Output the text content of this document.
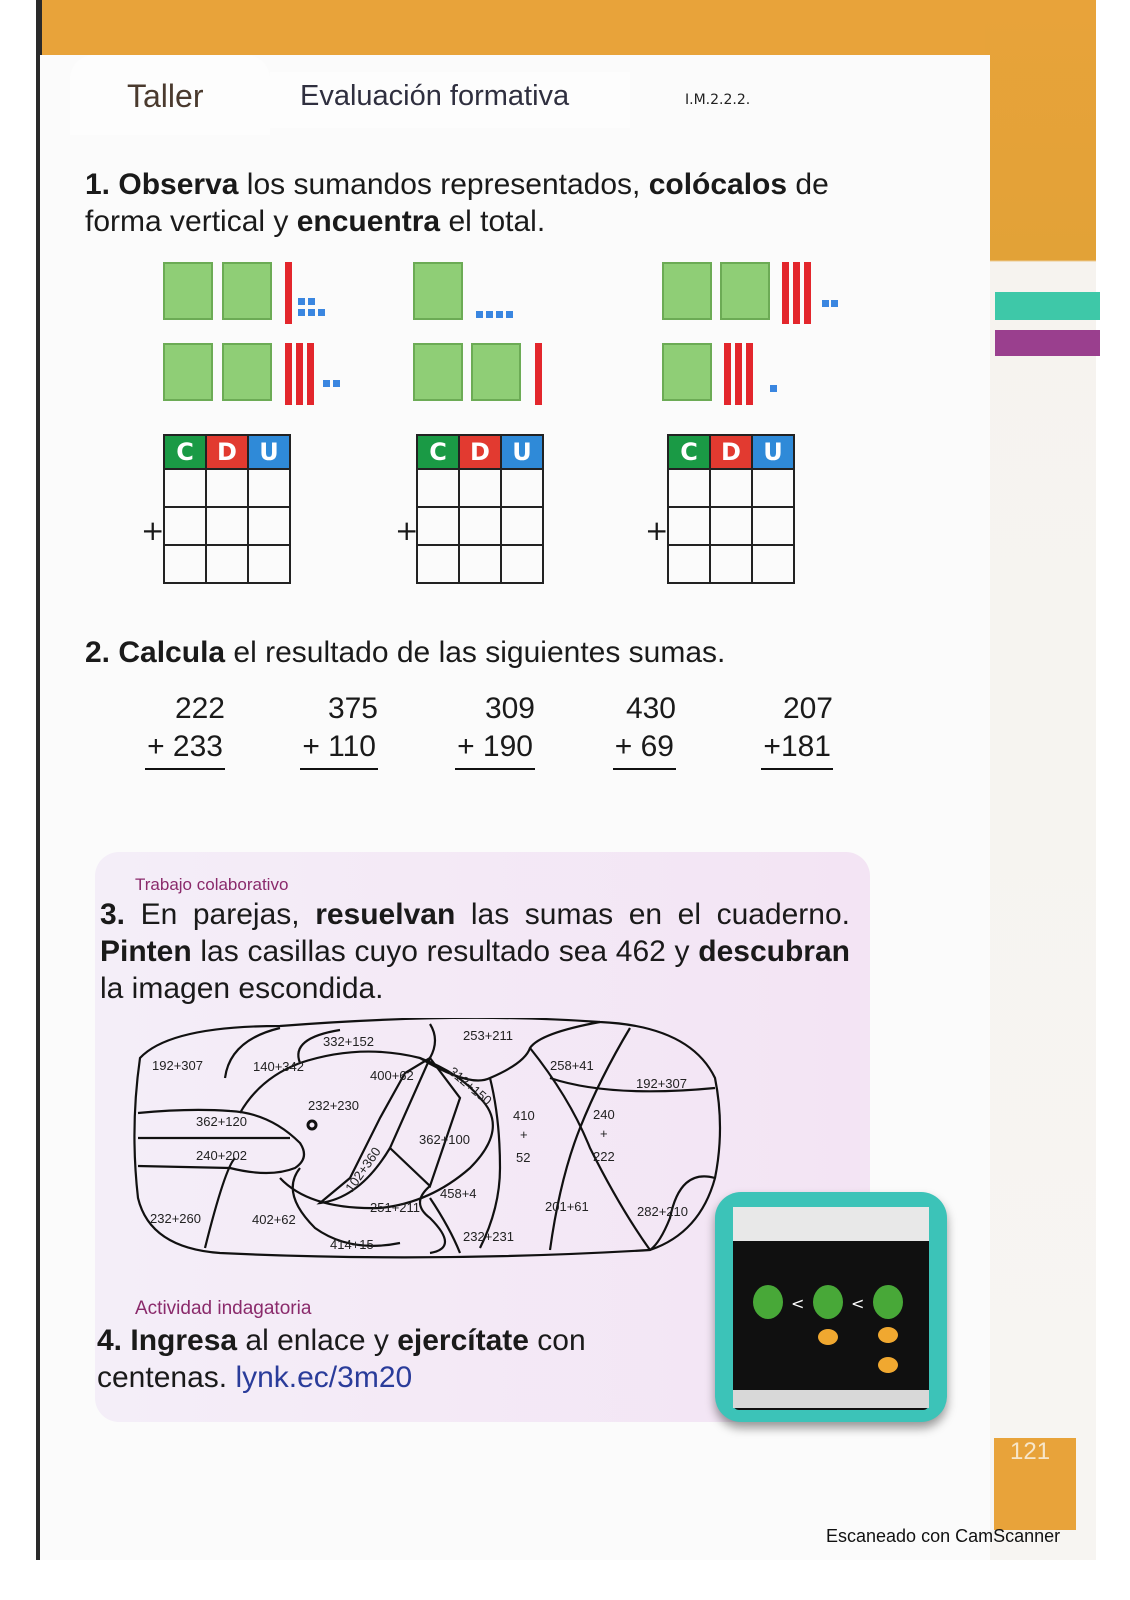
Taller	Evaluación formativa	I.M.2.2.2.
1. Observa los sumandos representados, colócalos de forma vertical y encuentra el total.
+
C	D	U

+
C	D	U

+
C	D	U

2. Calcula el resultado de las siguientes sumas.
222
+ 233
375
+ 110
309
+ 190
430
+ 69
207
+181
Trabajo colaborativo
3. En parejas, resuelvan las sumas en el cuaderno. Pinten las casillas cuyo resultado sea 462 y descubran la imagen escondida.
192+307	140+342
332+152	253+211
258+41
192+307
400+62 312+150
232+230
362+120
240+202
362+100
410
+
52
240
+
222
102+360	458+4
251+211	201+61
232+260	402+62
282+210
414+15
232+231
Actividad indagatoria
4. Ingresa al enlace y ejercítate con centenas. lynk.ec/3m20
<	<
121
Escaneado con CamScanner
